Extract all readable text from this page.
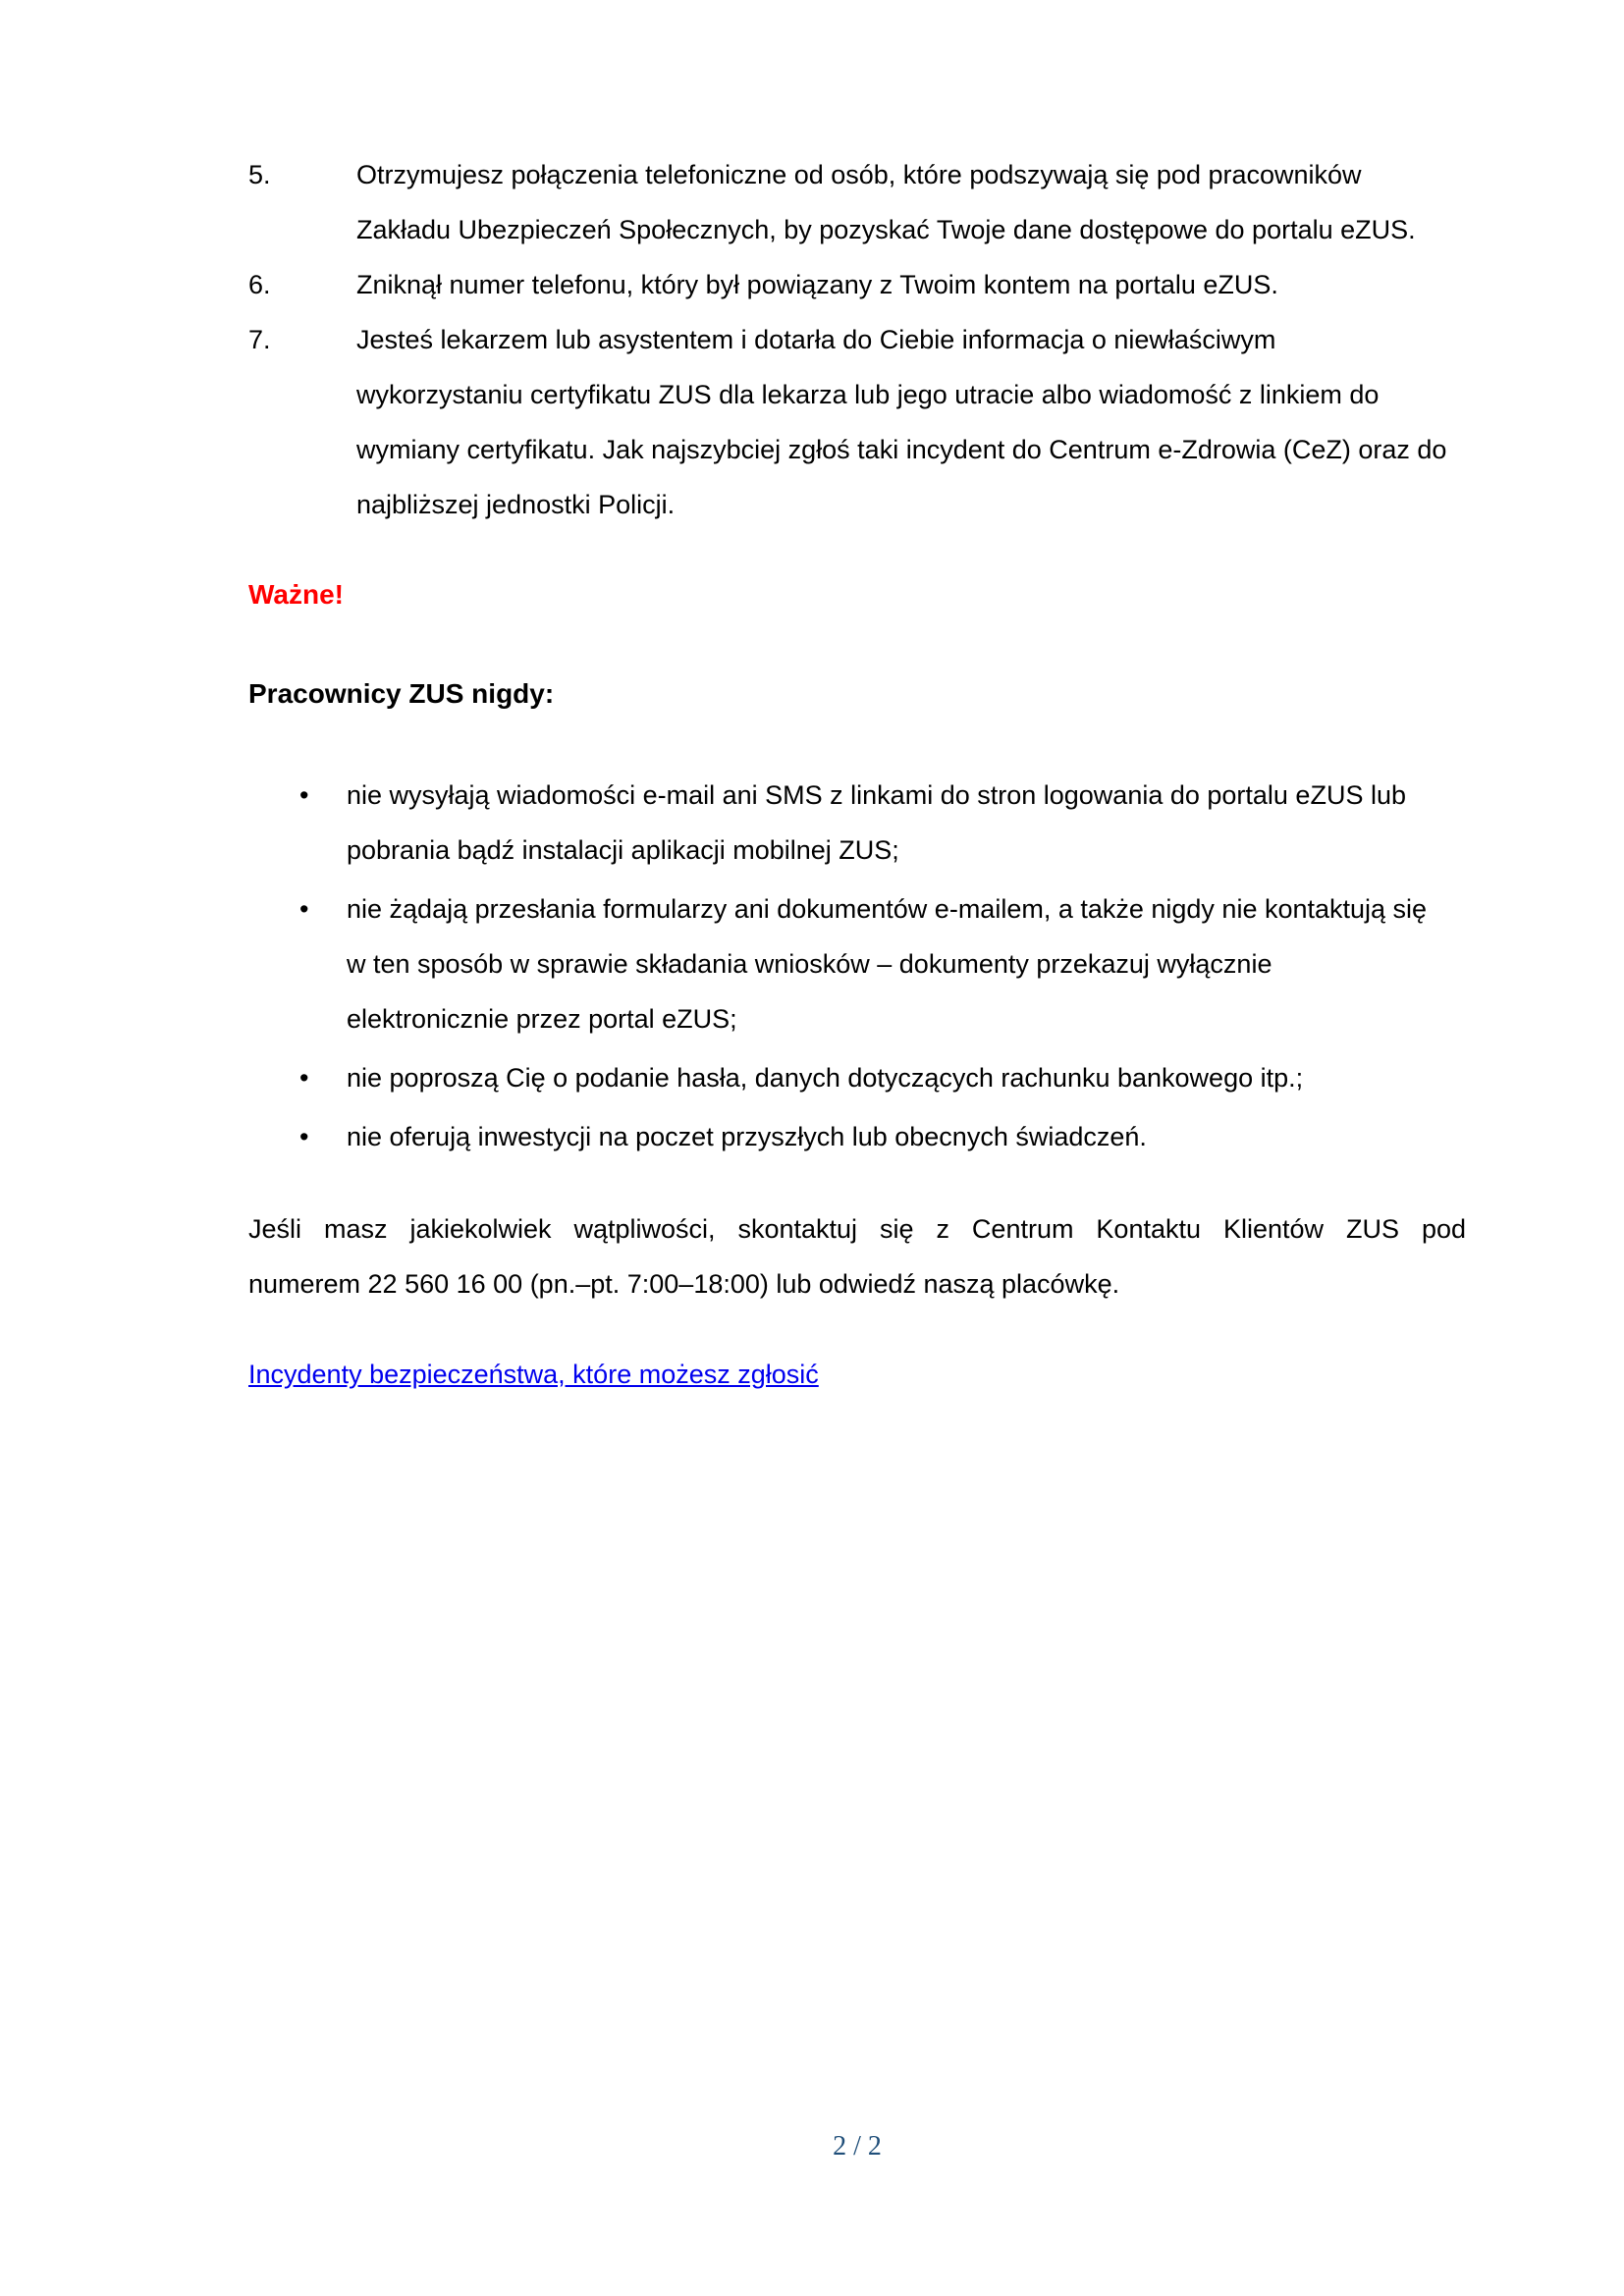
5.	Otrzymujesz połączenia telefoniczne od osób, które podszywają się pod pracowników
Zakładu Ubezpieczeń Społecznych, by pozyskać Twoje dane dostępowe do portalu eZUS.
6.	Zniknął numer telefonu, który był powiązany z Twoim kontem na portalu eZUS.
7.	Jesteś lekarzem lub asystentem i dotarła do Ciebie informacja o niewłaściwym
wykorzystaniu certyfikatu ZUS dla lekarza lub jego utracie albo wiadomość z linkiem do
wymiany certyfikatu. Jak najszybciej zgłoś taki incydent do Centrum e-Zdrowia (CeZ) oraz do
najbliższej jednostki Policji.
Ważne!
Pracownicy ZUS nigdy:
•	nie wysyłają wiadomości e-mail ani SMS z linkami do stron logowania do portalu eZUS lub
pobrania bądź instalacji aplikacji mobilnej ZUS;
•	nie żądają przesłania formularzy ani dokumentów e-mailem, a także nigdy nie kontaktują się
w ten sposób w sprawie składania wniosków – dokumenty przekazuj wyłącznie
elektronicznie przez portal eZUS;
•	nie poproszą Cię o podanie hasła, danych dotyczących rachunku bankowego itp.;
•	nie oferują inwestycji na poczet przyszłych lub obecnych świadczeń.
Jeśli masz jakiekolwiek wątpliwości, skontaktuj się z Centrum Kontaktu Klientów ZUS pod
numerem 22 560 16 00 (pn.–pt. 7:00–18:00) lub odwiedź naszą placówkę.
Incydenty bezpieczeństwa, które możesz zgłosić
2 / 2
